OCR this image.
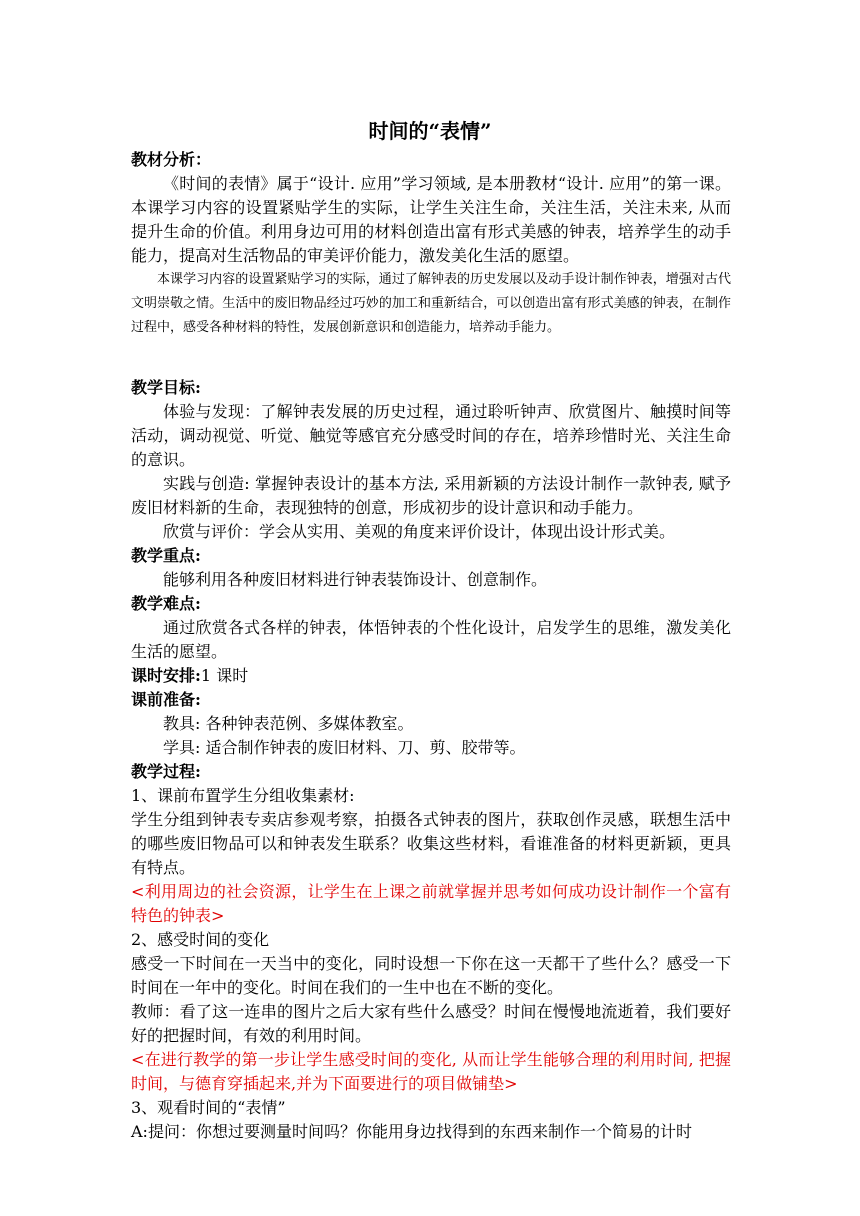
时间的“表情”

教材分析：

《时间的表情》属于“设计. 应用”学习领域, 是本册教材“设计. 应用”的第一课。本课学习内容的设置紧贴学生的实际，让学生关注生命，关注生活，关注未来, 从而提升生命的价值。利用身边可用的材料创造出富有形式美感的钟表，培养学生的动手能力，提高对生活物品的审美评价能力，激发美化生活的愿望。

本课学习内容的设置紧贴学习的实际，通过了解钟表的历史发展以及动手设计制作钟表，增强对古代文明崇敬之情。生活中的废旧物品经过巧妙的加工和重新结合，可以创造出富有形式美感的钟表，在制作过程中，感受各种材料的特性，发展创新意识和创造能力，培养动手能力。

教学目标:

体验与发现：了解钟表发展的历史过程，通过聆听钟声、欣赏图片、触摸时间等活动，调动视觉、听觉、触觉等感官充分感受时间的存在，培养珍惜时光、关注生命的意识。

实践与创造: 掌握钟表设计的基本方法, 采用新颖的方法设计制作一款钟表, 赋予废旧材料新的生命，表现独特的创意，形成初步的设计意识和动手能力。

欣赏与评价：学会从实用、美观的角度来评价设计，体现出设计形式美。

教学重点:

能够利用各种废旧材料进行钟表装饰设计、创意制作。

教学难点:

通过欣赏各式各样的钟表，体悟钟表的个性化设计，启发学生的思维，激发美化生活的愿望。

课时安排:1 课时

课前准备:

教具: 各种钟表范例、多媒体教室。

学具: 适合制作钟表的废旧材料、刀、剪、胶带等。

教学过程:

1、课前布置学生分组收集素材:

学生分组到钟表专卖店参观考察，拍摄各式钟表的图片，获取创作灵感，联想生活中的哪些废旧物品可以和钟表发生联系？收集这些材料，看谁准备的材料更新颖，更具有特点。

<利用周边的社会资源，让学生在上课之前就掌握并思考如何成功设计制作一个富有特色的钟表>

2、感受时间的变化

感受一下时间在一天当中的变化，同时设想一下你在这一天都干了些什么？感受一下时间在一年中的变化。时间在我们的一生中也在不断的变化。

教师：看了这一连串的图片之后大家有些什么感受？时间在慢慢地流逝着，我们要好好的把握时间，有效的利用时间。

<在进行教学的第一步让学生感受时间的变化, 从而让学生能够合理的利用时间, 把握时间，与德育穿插起来,并为下面要进行的项目做铺垫>

3、观看时间的“表情”

A:提问：你想过要测量时间吗？你能用身边找得到的东西来制作一个简易的计时
